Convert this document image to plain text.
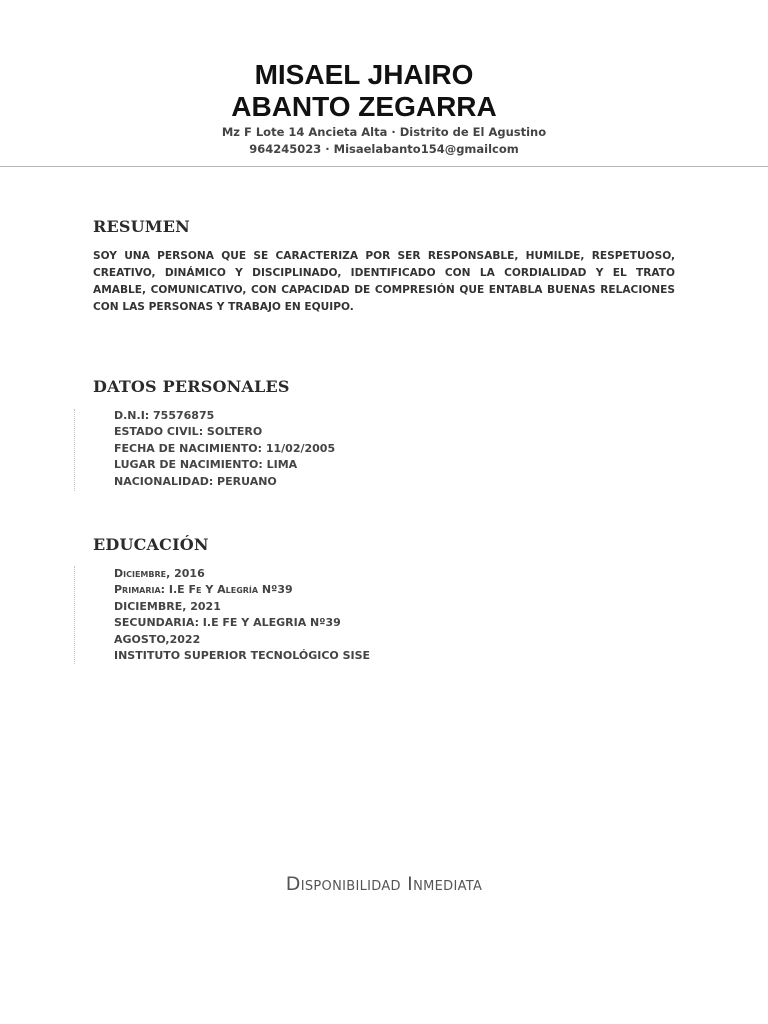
MISAEL JHAIRO
ABANTO ZEGARRA
Mz F Lote 14 Ancieta Alta · Distrito de El Agustino
964245023 · Misaelabanto154@gmailcom
RESUMEN

SOY UNA PERSONA QUE SE CARACTERIZA POR SER RESPONSABLE, HUMILDE, RESPETUOSO, CREATIVO, DINÁMICO Y DISCIPLINADO, IDENTIFICADO CON LA CORDIALIDAD Y EL TRATO AMABLE, COMUNICATIVO, CON CAPACIDAD DE COMPRESIÓN QUE ENTABLA BUENAS RELACIONES CON LAS PERSONAS Y TRABAJO EN EQUIPO.

DATOS PERSONALES
D.N.I: 75576875
ESTADO CIVIL: SOLTERO
FECHA DE NACIMIENTO: 11/02/2005
LUGAR DE NACIMIENTO: LIMA
NACIONALIDAD: PERUANO
EDUCACIÓN
Diciembre, 2016
Primaria: I.E Fe Y Alegría Nº39
DICIEMBRE, 2021
SECUNDARIA: I.E FE Y ALEGRIA Nº39
AGOSTO,2022
INSTITUTO SUPERIOR TECNOLÓGICO SISE

Disponibilidad Inmediata
